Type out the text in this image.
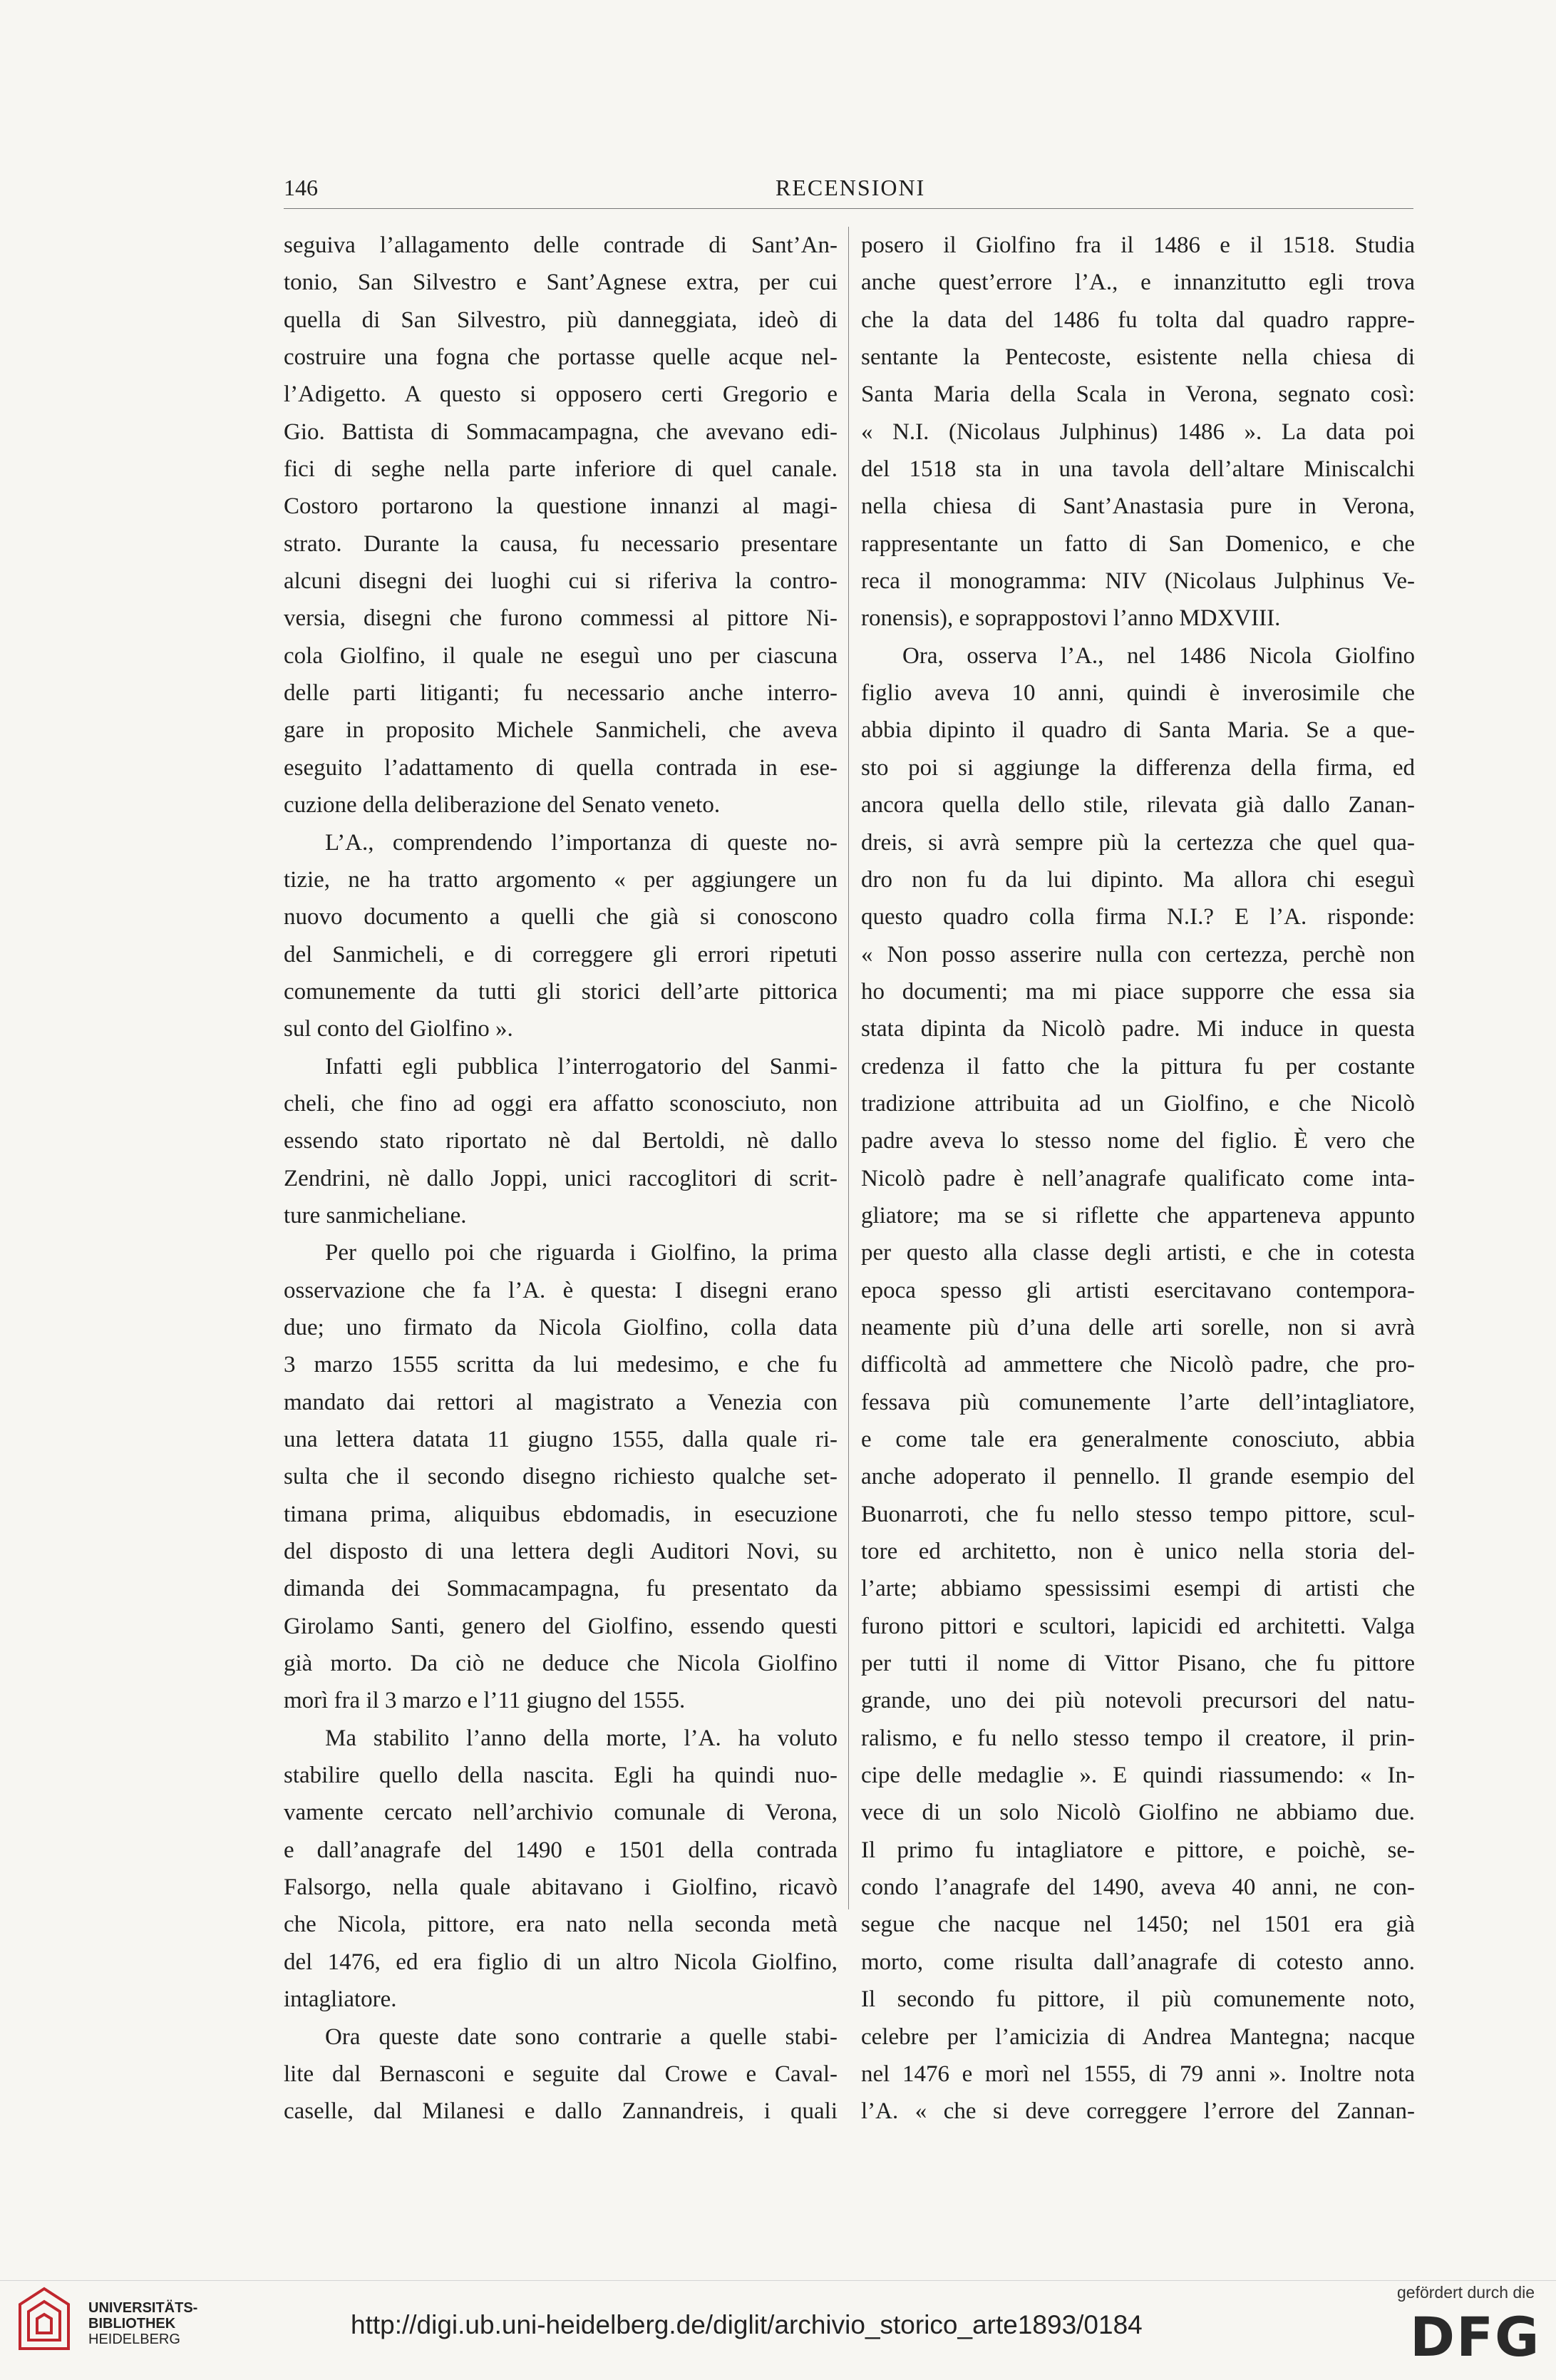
146	RECENSIONI
seguiva l’allagamento delle contrade di Sant’An-
tonio, San Silvestro e Sant’Agnese extra, per cui
quella di San Silvestro, più danneggiata, ideò di
costruire una fogna che portasse quelle acque nel-
l’Adigetto. A questo si opposero certi Gregorio e
Gio. Battista di Sommacampagna, che avevano edi-
fici di seghe nella parte inferiore di quel canale.
Costoro portarono la questione innanzi al magi-
strato. Durante la causa, fu necessario presentare
alcuni disegni dei luoghi cui si riferiva la contro-
versia, disegni che furono commessi al pittore Ni-
cola Giolfino, il quale ne eseguì uno per ciascuna
delle parti litiganti; fu necessario anche interro-
gare in proposito Michele Sanmicheli, che aveva
eseguito l’adattamento di quella contrada in ese-
cuzione della deliberazione del Senato veneto.
L’A., comprendendo l’importanza di queste no-
tizie, ne ha tratto argomento « per aggiungere un
nuovo documento a quelli che già si conoscono
del Sanmicheli, e di correggere gli errori ripetuti
comunemente da tutti gli storici dell’arte pittorica
sul conto del Giolfino ».
Infatti egli pubblica l’interrogatorio del Sanmi-
cheli, che fino ad oggi era affatto sconosciuto, non
essendo stato riportato nè dal Bertoldi, nè dallo
Zendrini, nè dallo Joppi, unici raccoglitori di scrit-
ture sanmicheliane.
Per quello poi che riguarda i Giolfino, la prima
osservazione che fa l’A. è questa: I disegni erano
due; uno firmato da Nicola Giolfino, colla data
3 marzo 1555 scritta da lui medesimo, e che fu
mandato dai rettori al magistrato a Venezia con
una lettera datata 11 giugno 1555, dalla quale ri-
sulta che il secondo disegno richiesto qualche set-
timana prima, aliquibus ebdomadis, in esecuzione
del disposto di una lettera degli Auditori Novi, su
dimanda dei Sommacampagna, fu presentato da
Girolamo Santi, genero del Giolfino, essendo questi
già morto. Da ciò ne deduce che Nicola Giolfino
morì fra il 3 marzo e l’11 giugno del 1555.
Ma stabilito l’anno della morte, l’A. ha voluto
stabilire quello della nascita. Egli ha quindi nuo-
vamente cercato nell’archivio comunale di Verona,
e dall’anagrafe del 1490 e 1501 della contrada
Falsorgo, nella quale abitavano i Giolfino, ricavò
che Nicola, pittore, era nato nella seconda metà
del 1476, ed era figlio di un altro Nicola Giolfino,
intagliatore.
Ora queste date sono contrarie a quelle stabi-
lite dal Bernasconi e seguite dal Crowe e Caval-
caselle, dal Milanesi e dallo Zannandreis, i quali
posero il Giolfino fra il 1486 e il 1518. Studia
anche quest’errore l’A., e innanzitutto egli trova
che la data del 1486 fu tolta dal quadro rappre-
sentante la Pentecoste, esistente nella chiesa di
Santa Maria della Scala in Verona, segnato così:
« N.I. (Nicolaus Julphinus) 1486 ». La data poi
del 1518 sta in una tavola dell’altare Miniscalchi
nella chiesa di Sant’Anastasia pure in Verona,
rappresentante un fatto di San Domenico, e che
reca il monogramma: NIV (Nicolaus Julphinus Ve-
ronensis), e soprappostovi l’anno MDXVIII.
Ora, osserva l’A., nel 1486 Nicola Giolfino
figlio aveva 10 anni, quindi è inverosimile che
abbia dipinto il quadro di Santa Maria. Se a que-
sto poi si aggiunge la differenza della firma, ed
ancora quella dello stile, rilevata già dallo Zanan-
dreis, si avrà sempre più la certezza che quel qua-
dro non fu da lui dipinto. Ma allora chi eseguì
questo quadro colla firma N.I.? E l’A. risponde:
« Non posso asserire nulla con certezza, perchè non
ho documenti; ma mi piace supporre che essa sia
stata dipinta da Nicolò padre. Mi induce in questa
credenza il fatto che la pittura fu per costante
tradizione attribuita ad un Giolfino, e che Nicolò
padre aveva lo stesso nome del figlio. È vero che
Nicolò padre è nell’anagrafe qualificato come inta-
gliatore; ma se si riflette che apparteneva appunto
per questo alla classe degli artisti, e che in cotesta
epoca spesso gli artisti esercitavano contempora-
neamente più d’una delle arti sorelle, non si avrà
difficoltà ad ammettere che Nicolò padre, che pro-
fessava più comunemente l’arte dell’intagliatore,
e come tale era generalmente conosciuto, abbia
anche adoperato il pennello. Il grande esempio del
Buonarroti, che fu nello stesso tempo pittore, scul-
tore ed architetto, non è unico nella storia del-
l’arte; abbiamo spessissimi esempi di artisti che
furono pittori e scultori, lapicidi ed architetti. Valga
per tutti il nome di Vittor Pisano, che fu pittore
grande, uno dei più notevoli precursori del natu-
ralismo, e fu nello stesso tempo il creatore, il prin-
cipe delle medaglie ». E quindi riassumendo: « In-
vece di un solo Nicolò Giolfino ne abbiamo due.
Il primo fu intagliatore e pittore, e poichè, se-
condo l’anagrafe del 1490, aveva 40 anni, ne con-
segue che nacque nel 1450; nel 1501 era già
morto, come risulta dall’anagrafe di cotesto anno.
Il secondo fu pittore, il più comunemente noto,
celebre per l’amicizia di Andrea Mantegna; nacque
nel 1476 e morì nel 1555, di 79 anni ». Inoltre nota
l’A. « che si deve correggere l’errore del Zannan-
UNIVERSITÄTS-
BIBLIOTHEK
HEIDELBERG	http://digi.ub.uni-heidelberg.de/diglit/archivio_storico_arte1893/0184
gefördert durch die
DFG
